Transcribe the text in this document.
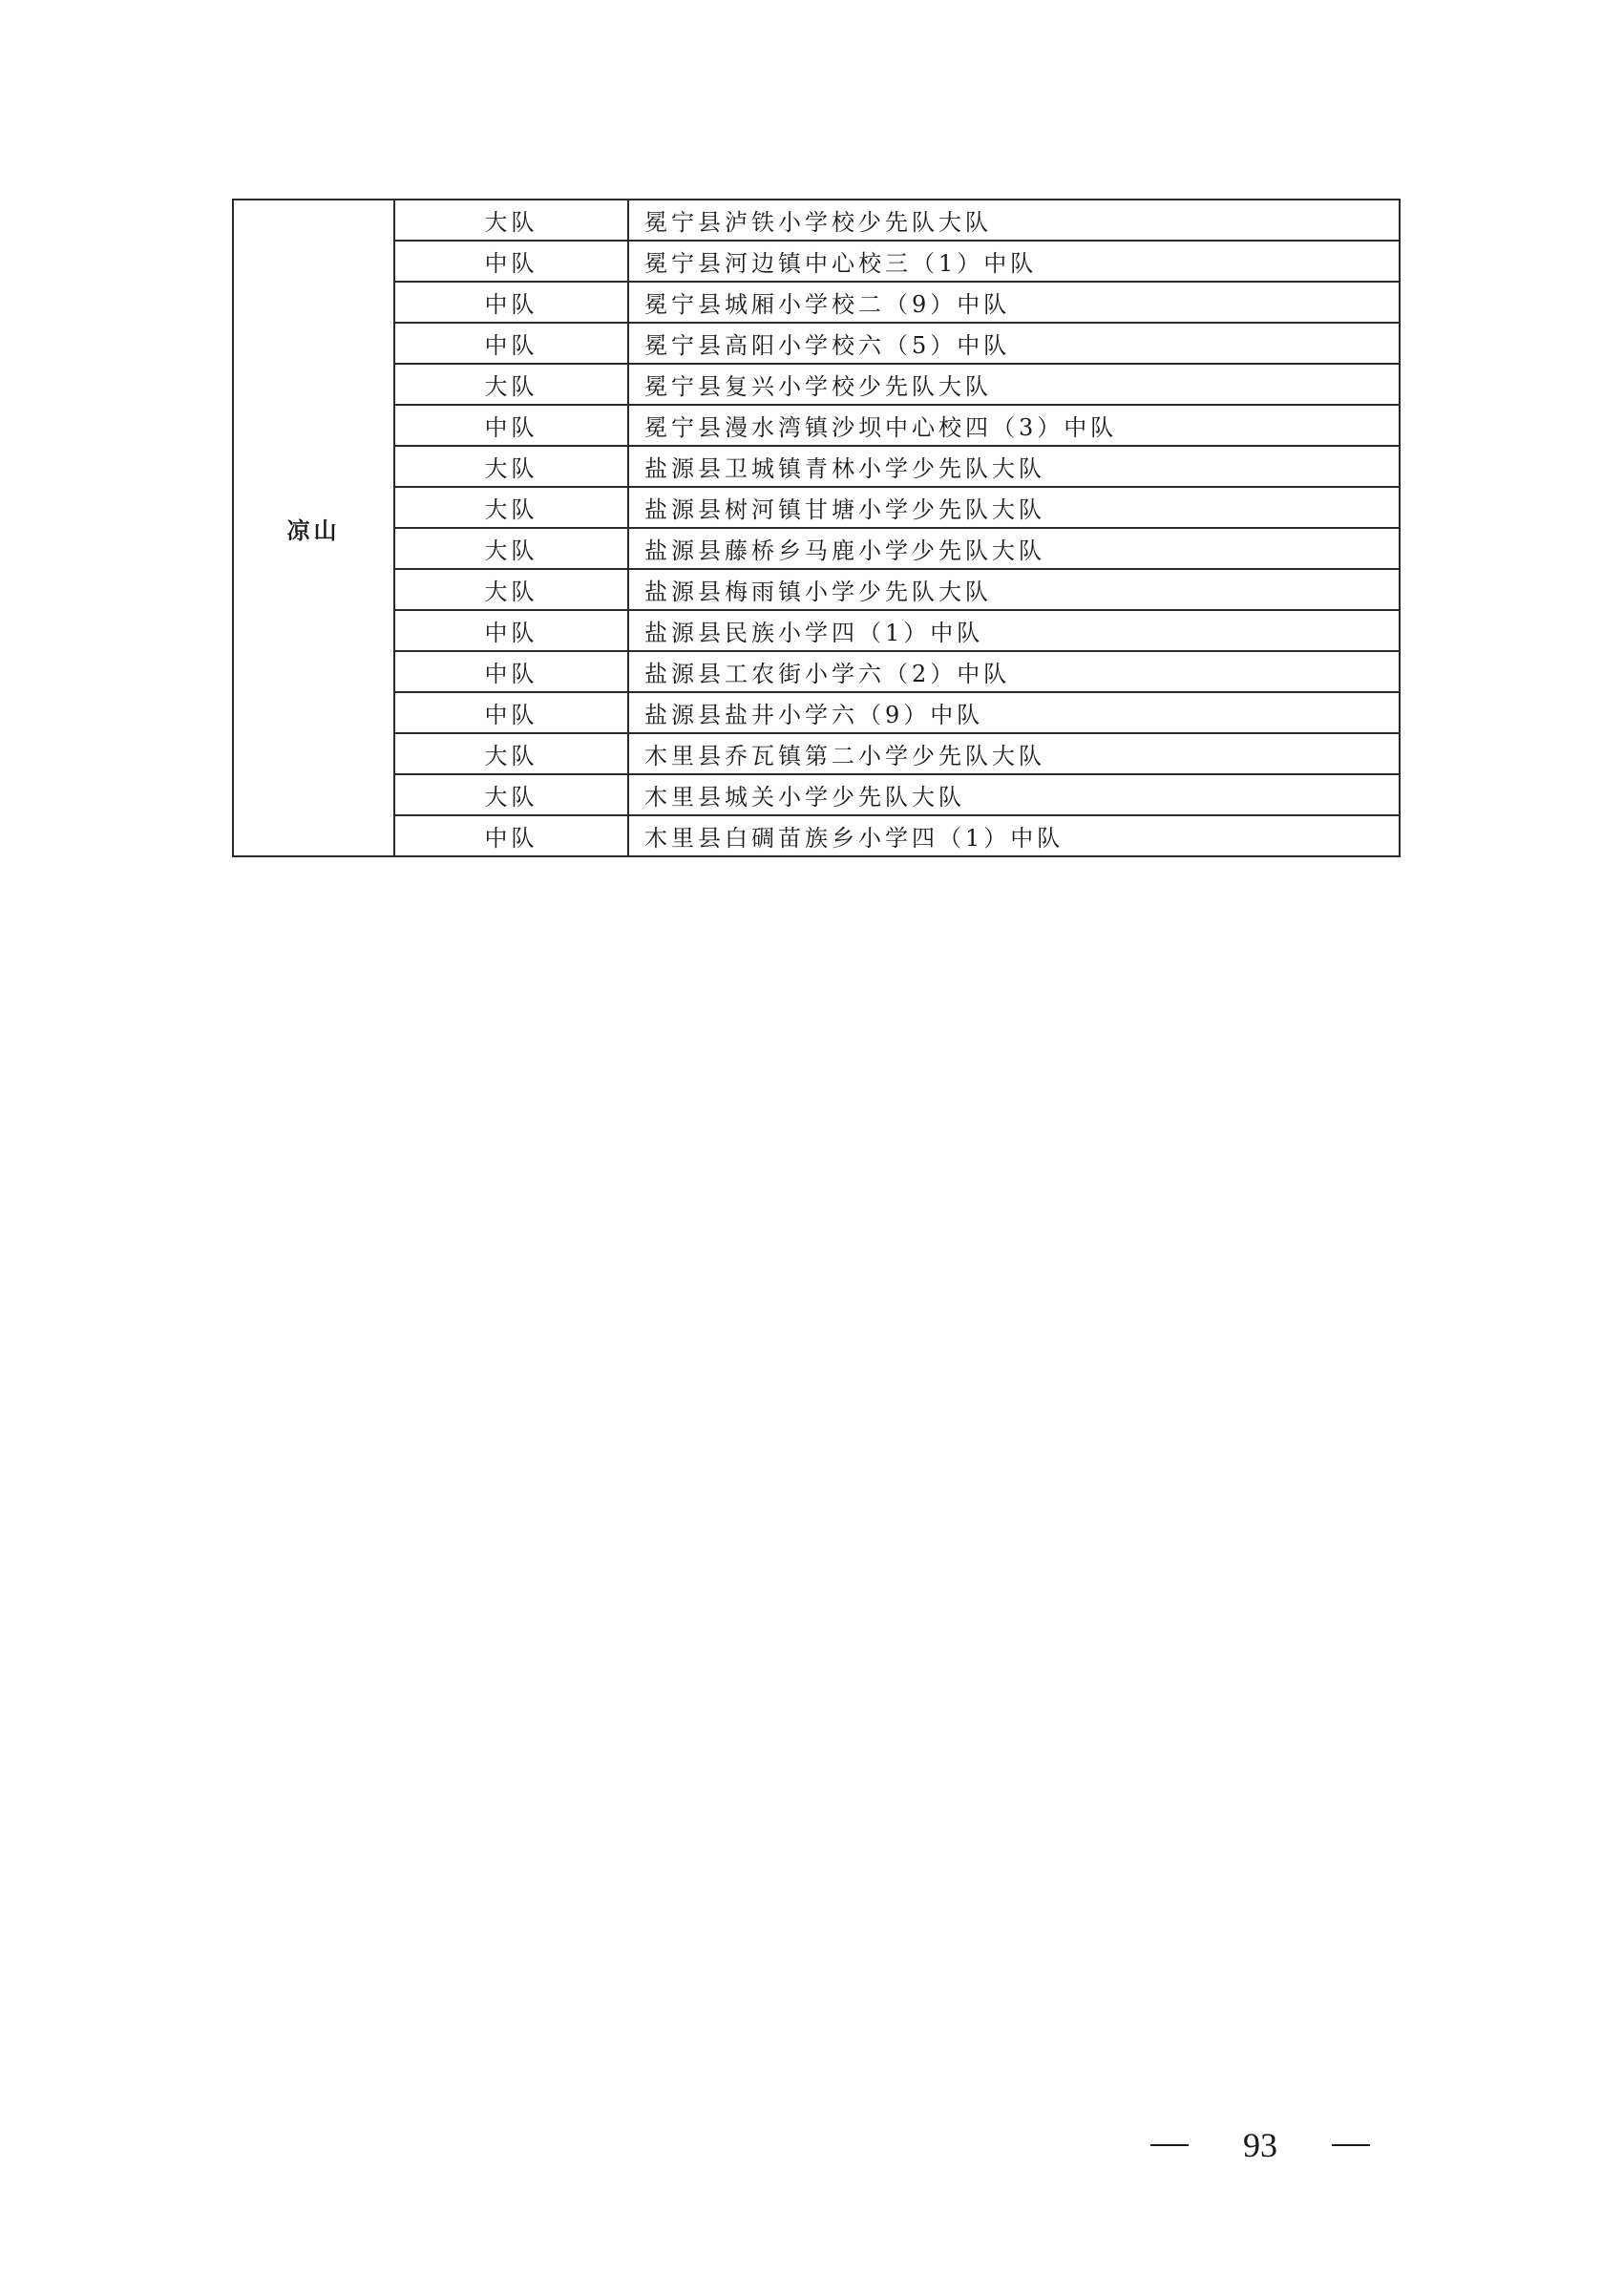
凉山	大队	冕宁县泸铁小学校少先队大队
	中队	冕宁县河边镇中心校三（1）中队
	中队	冕宁县城厢小学校二（9）中队
	中队	冕宁县高阳小学校六（5）中队
	大队	冕宁县复兴小学校少先队大队
	中队	冕宁县漫水湾镇沙坝中心校四（3）中队
	大队	盐源县卫城镇青林小学少先队大队
	大队	盐源县树河镇甘塘小学少先队大队
	大队	盐源县藤桥乡马鹿小学少先队大队
	大队	盐源县梅雨镇小学少先队大队
	中队	盐源县民族小学四（1）中队
	中队	盐源县工农街小学六（2）中队
	中队	盐源县盐井小学六（9）中队
	大队	木里县乔瓦镇第二小学少先队大队
	大队	木里县城关小学少先队大队
	中队	木里县白碉苗族乡小学四（1）中队
93
